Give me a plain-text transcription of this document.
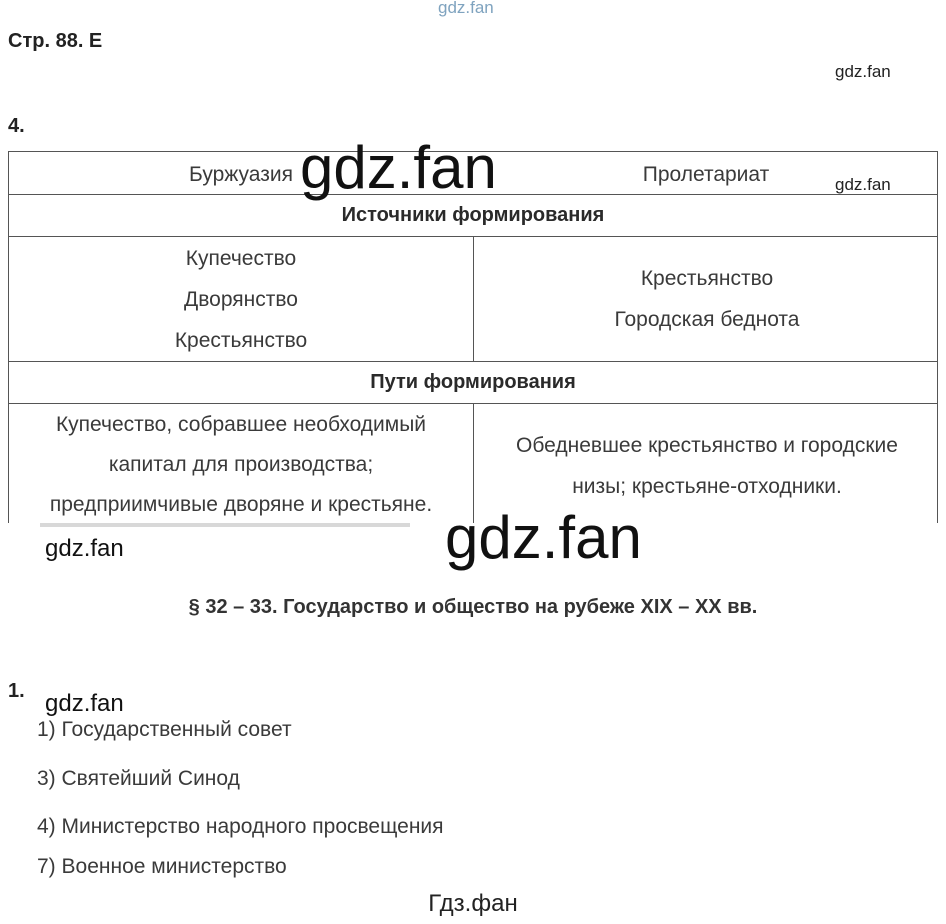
gdz.fan
Стр. 88. Е
gdz.fan
4.
Буржуазия	Пролетариат
Источники формирования
Купечество
Дворянство
Крестьянство
Крестьянство
Городская беднота
Пути формирования
Купечество, собравшее необходимый
капитал для производства;
предприимчивые дворяне и крестьяне.
Обедневшее крестьянство и городские
низы; крестьяне-отходники.
gdz.fan
gdz.fan
gdz.fan
gdz.fan
§ 32 – 33. Государство и общество на рубеже XIX – XX вв.
1. gdz.fan
1) Государственный совет
3) Святейший Синод
4) Министерство народного просвещения
7) Военное министерство
Гдз.фан
